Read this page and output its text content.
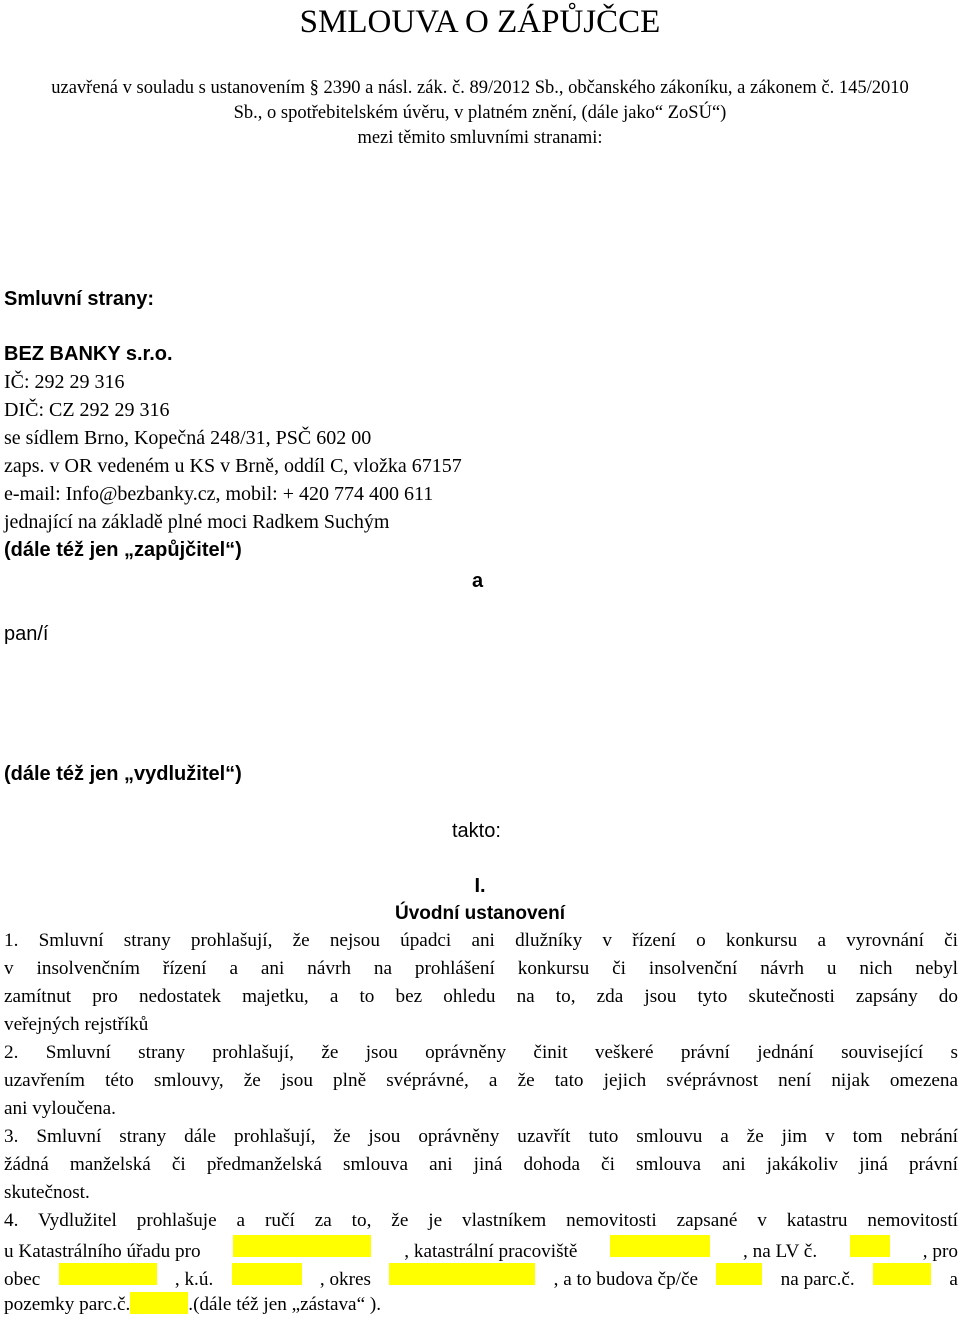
SMLOUVA O ZÁPŮJČCE
uzavřená v souladu s ustanovením § 2390 a násl. zák. č. 89/2012 Sb., občanského zákoníku, a zákonem č. 145/2010
Sb., o spotřebitelském úvěru, v platném znění, (dále jako“ ZoSÚ“)
mezi těmito smluvními stranami:
Smluvní strany:
BEZ BANKY s.r.o.
IČ: 292 29 316
DIČ: CZ 292 29 316
se sídlem Brno, Kopečná 248/31, PSČ 602 00
zaps. v OR vedeném u KS v Brně, oddíl C, vložka 67157
e-mail: Info@bezbanky.cz, mobil: + 420 774 400 611
jednající na základě plné moci Radkem Suchým
(dále též jen „zapůjčitel“)
a
pan/í
(dále též jen „vydlužitel“)
takto:
I.
Úvodní ustanovení
1. Smluvní strany prohlašují, že nejsou úpadci ani dlužníky v řízení o konkursu a vyrovnání či
v insolvenčním řízení a ani návrh na prohlášení konkursu či insolvenční návrh u nich nebyl
zamítnut pro nedostatek majetku, a to bez ohledu na to, zda jsou tyto skutečnosti zapsány do
veřejných rejstříků
2. Smluvní strany prohlašují, že jsou oprávněny činit veškeré právní jednání související s
uzavřením této smlouvy, že jsou plně svéprávné, a že tato jejich svéprávnost není nijak omezena
ani vyloučena.
3. Smluvní strany dále prohlašují, že jsou oprávněny uzavřít tuto smlouvu a že jim v tom nebrání
žádná manželská či předmanželská smlouva ani jiná dohoda či smlouva ani jakákoliv jiná právní
skutečnost.
4. Vydlužitel prohlašuje a ručí za to, že je vlastníkem nemovitosti zapsané v katastru nemovitostí
u Katastrálního úřadu pro	, katastrální pracoviště	, na LV č.	, pro
obec	, k.ú.	, okres	, a to budova čp/če	na parc.č.	a
pozemky parc.č.	.(dále též jen „zástava“ ).
